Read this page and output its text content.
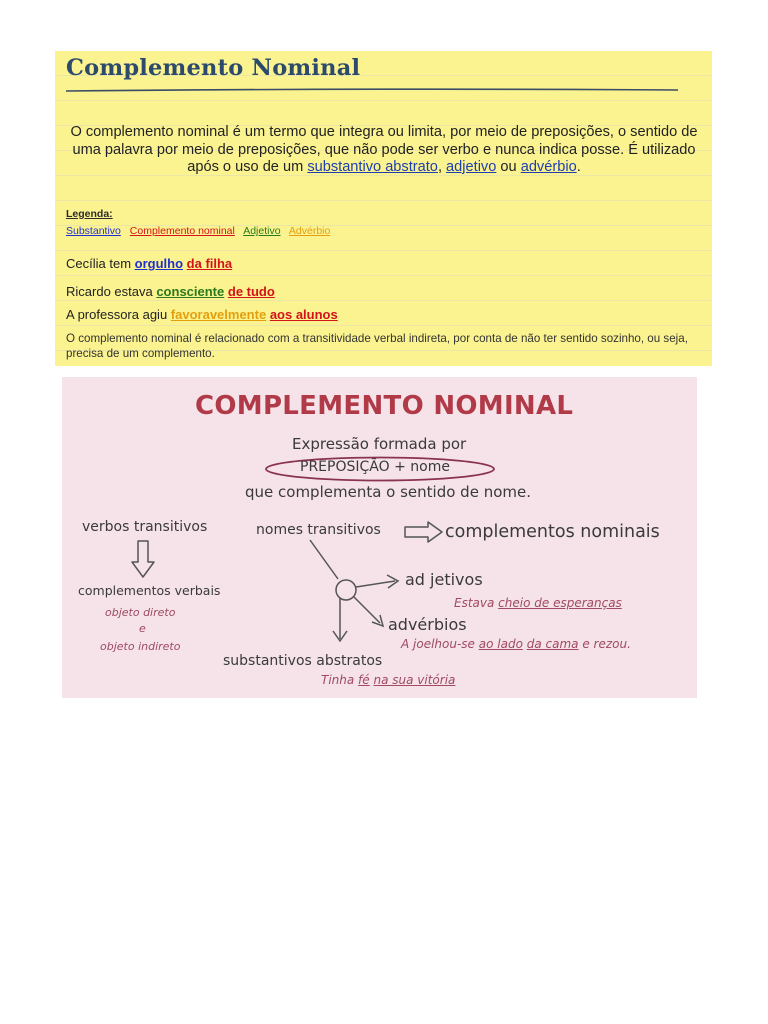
Complemento Nominal

O complemento nominal é um termo que integra ou limita, por meio de preposições, o sentido de uma palavra por meio de preposições, que não pode ser verbo e nunca indica posse. É utilizado após o uso de um substantivo abstrato, adjetivo ou advérbio.

Legenda:
Substantivo Complemento nominal Adjetivo Advérbio
Cecília tem orgulho da filha
Ricardo estava consciente de tudo
A professora agiu favoravelmente aos alunos

O complemento nominal é relacionado com a transitividade verbal indireta, por conta de não ter sentido sozinho, ou seja, precisa de um complemento.

COMPLEMENTO NOMINAL
Expressão formada por
PREPOSIÇÃO + nome
que complementa o sentido de nome.
verbos transitivos
complementos verbais
objeto direto
e
objeto indireto
nomes transitivos	complementos nominais
ad jetivos
Estava cheio de esperanças
advérbios
A joelhou-se ao lado da cama e rezou.
substantivos abstratos
Tinha fé na sua vitória
